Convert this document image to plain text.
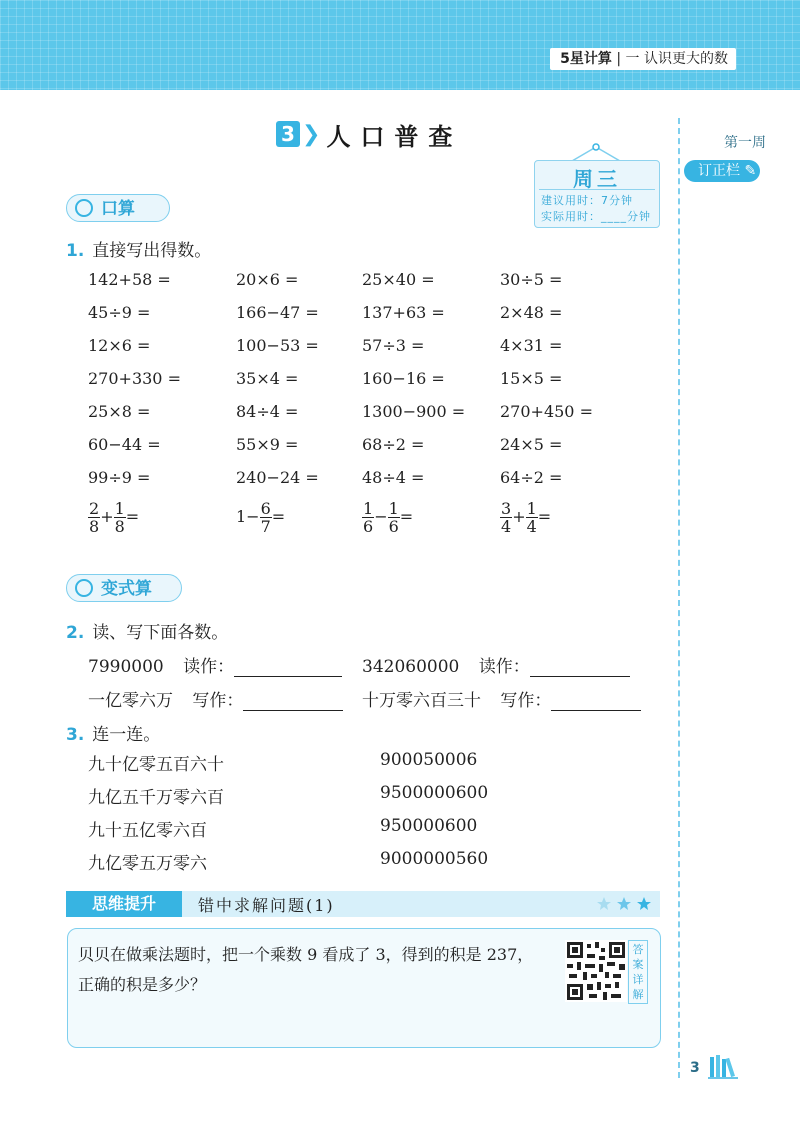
5星计算 | 一 认识更大的数
3 ❯ 人口普查
周三
建议用时：7分钟
实际用时：____分钟
第一周
订正栏 ✎
口算
1. 直接写出得数。
142+58 =	20×6 =	25×40 =	30÷5 =
45÷9 =	166−47 =	137+63 =	2×48 =
12×6 =	100−53 =	57÷3 =	4×31 =
270+330 =	35×4 =	160−16 =	15×5 =
25×8 =	84÷4 =	1300−900 = 270+450 =
60−44 =	55×9 =	68÷2 =	24×5 =
99÷9 =	240−24 =	48÷4 =	64÷2 =
$\frac{2}{8} + \frac{1}{8}$ =	$1- \frac{6}{7}$ =	$\frac{1}{6} - \frac{1}{6}$ =	$\frac{3}{4} + \frac{1}{4}$ =
变式算
2. 读、写下面各数。
7990000 读作：	342060000 读作：
一亿零六万 写作：	十万零六百三十 写作：
3. 连一连。
九十亿零五百六十
九亿五千万零六百
九十五亿零六百
九亿零五万零六
900050006
9500000600
950000600
9000000560
思维提升	错中求解问题(1)
贝贝在做乘法题时，把一个乘数 9 看成了 3，得到的积是 237，
正确的积是多少？
答案详解
3
